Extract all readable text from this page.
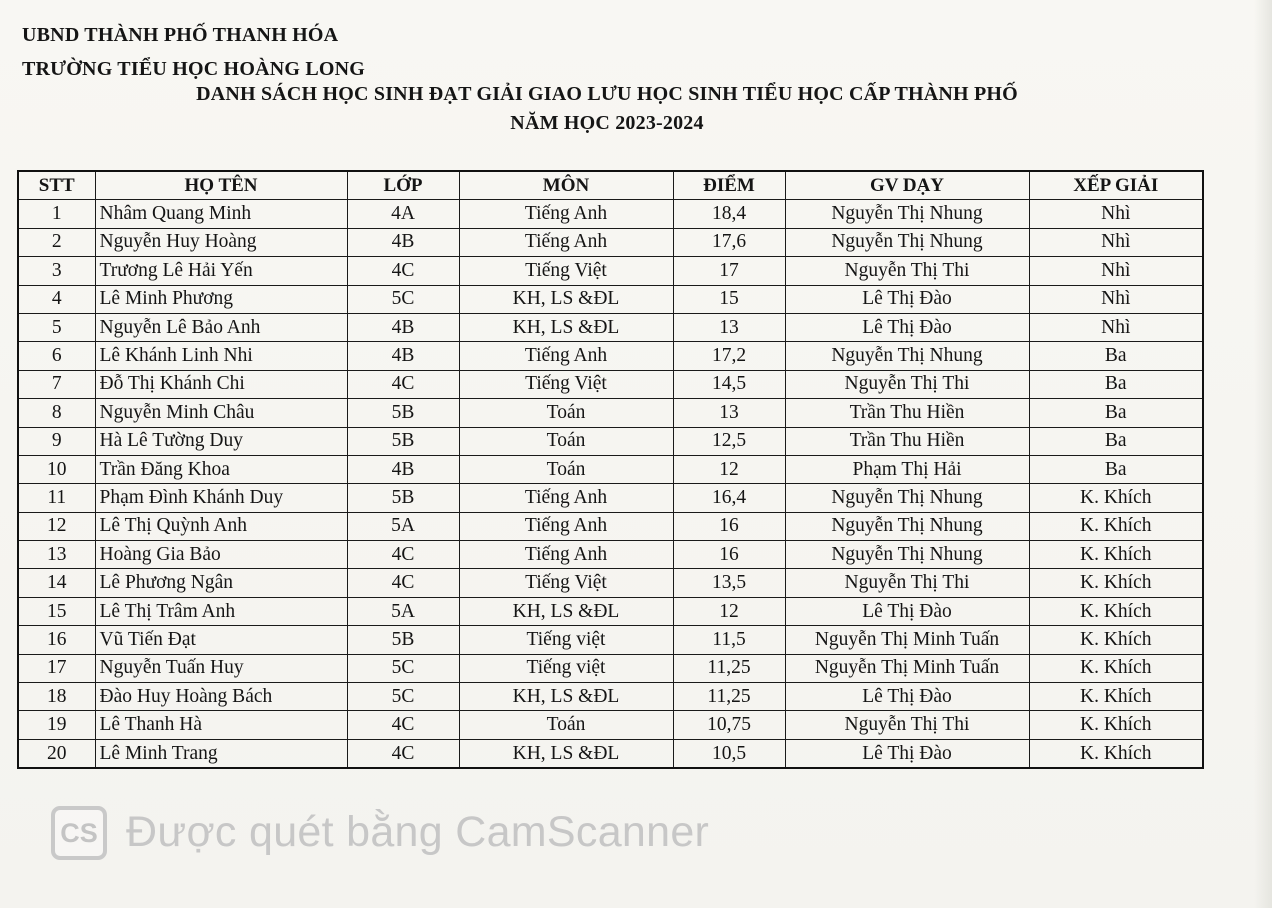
UBND THÀNH PHỐ THANH HÓA
TRƯỜNG TIỂU HỌC HOÀNG LONG
DANH SÁCH HỌC SINH ĐẠT GIẢI GIAO LƯU HỌC SINH TIỂU HỌC CẤP THÀNH PHỐ
NĂM HỌC 2023-2024
STT	HỌ TÊN	LỚP	MÔN	ĐIỂM	GV DẠY	XẾP GIẢI
1	Nhâm Quang Minh	4A	Tiếng Anh	18,4	Nguyễn Thị Nhung	Nhì
2	Nguyễn Huy Hoàng	4B	Tiếng Anh	17,6	Nguyễn Thị Nhung	Nhì
3	Trương Lê Hải Yến	4C	Tiếng Việt	17	Nguyễn Thị Thi	Nhì
4	Lê Minh Phương	5C	KH, LS &ĐL	15	Lê Thị Đào	Nhì
5	Nguyễn Lê Bảo Anh	4B	KH, LS &ĐL	13	Lê Thị Đào	Nhì
6	Lê Khánh Linh Nhi	4B	Tiếng Anh	17,2	Nguyễn Thị Nhung	Ba
7	Đỗ Thị Khánh Chi	4C	Tiếng Việt	14,5	Nguyễn Thị Thi	Ba
8	Nguyễn Minh Châu	5B	Toán	13	Trần Thu Hiền	Ba
9	Hà Lê Tường Duy	5B	Toán	12,5	Trần Thu Hiền	Ba
10	Trần Đăng Khoa	4B	Toán	12	Phạm Thị Hải	Ba
11	Phạm Đình Khánh Duy	5B	Tiếng Anh	16,4	Nguyễn Thị Nhung	K. Khích
12	Lê Thị Quỳnh Anh	5A	Tiếng Anh	16	Nguyễn Thị Nhung	K. Khích
13	Hoàng Gia Bảo	4C	Tiếng Anh	16	Nguyễn Thị Nhung	K. Khích
14	Lê Phương Ngân	4C	Tiếng Việt	13,5	Nguyễn Thị Thi	K. Khích
15	Lê Thị Trâm Anh	5A	KH, LS &ĐL	12	Lê Thị Đào	K. Khích
16	Vũ Tiến Đạt	5B	Tiếng việt	11,5	Nguyễn Thị Minh Tuấn	K. Khích
17	Nguyễn Tuấn Huy	5C	Tiếng việt	11,25	Nguyễn Thị Minh Tuấn	K. Khích
18	Đào Huy Hoàng Bách	5C	KH, LS &ĐL	11,25	Lê Thị Đào	K. Khích
19	Lê Thanh Hà	4C	Toán	10,75	Nguyễn Thị Thi	K. Khích
20	Lê Minh Trang	4C	KH, LS &ĐL	10,5	Lê Thị Đào	K. Khích
CS Được quét bằng CamScanner
